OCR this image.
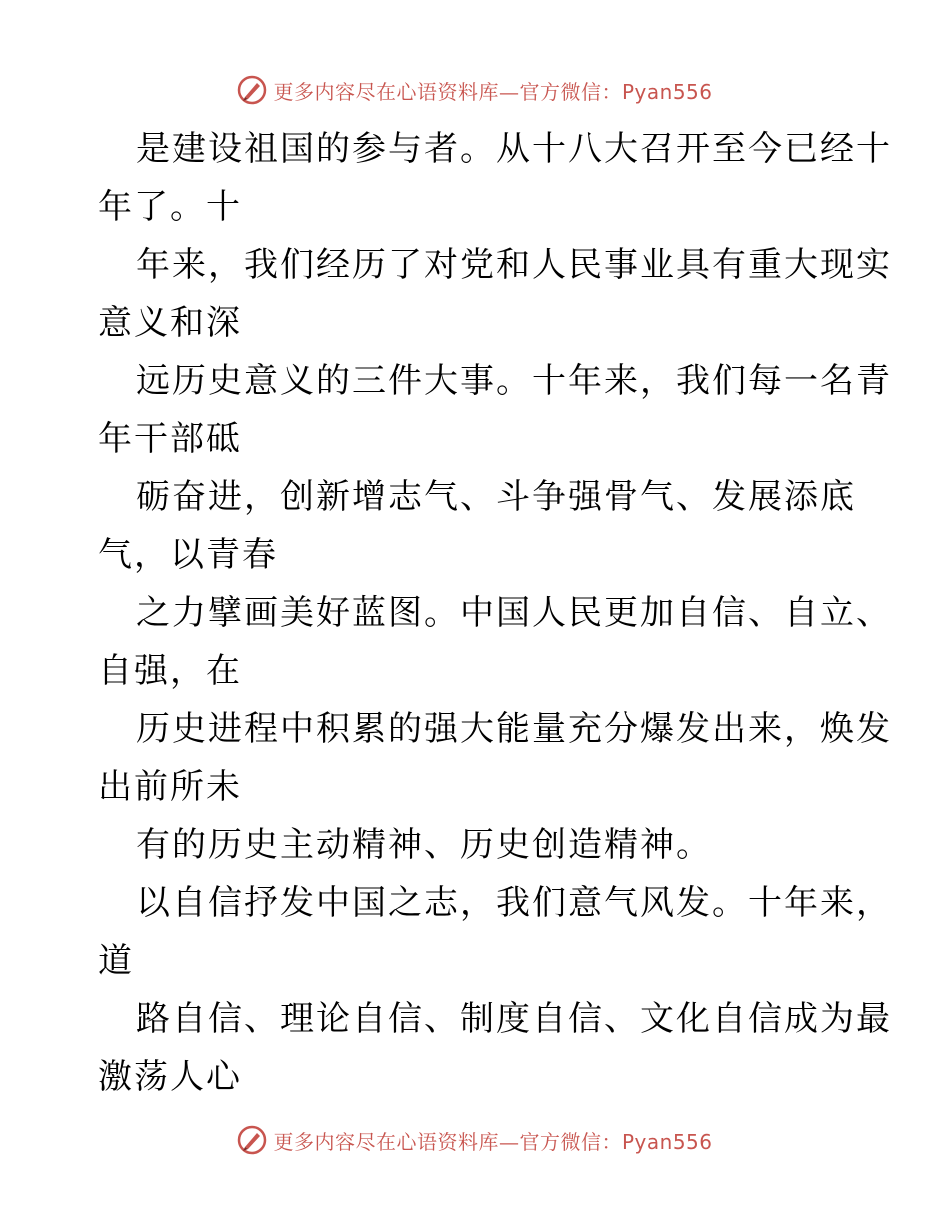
更多内容尽在心语资料库—官方微信：Pyan556
是建设祖国的参与者。从十八大召开至今已经十
年了。十
年来，我们经历了对党和人民事业具有重大现实
意义和深
远历史意义的三件大事。十年来，我们每一名青
年干部砥
砺奋进，创新增志气、斗争强骨气、发展添底
气，以青春
之力擘画美好蓝图。中国人民更加自信、自立、
自强，在
历史进程中积累的强大能量充分爆发出来，焕发
出前所未
有的历史主动精神、历史创造精神。
以自信抒发中国之志，我们意气风发。十年来，
道
路自信、理论自信、制度自信、文化自信成为最
激荡人心
更多内容尽在心语资料库—官方微信：Pyan556
